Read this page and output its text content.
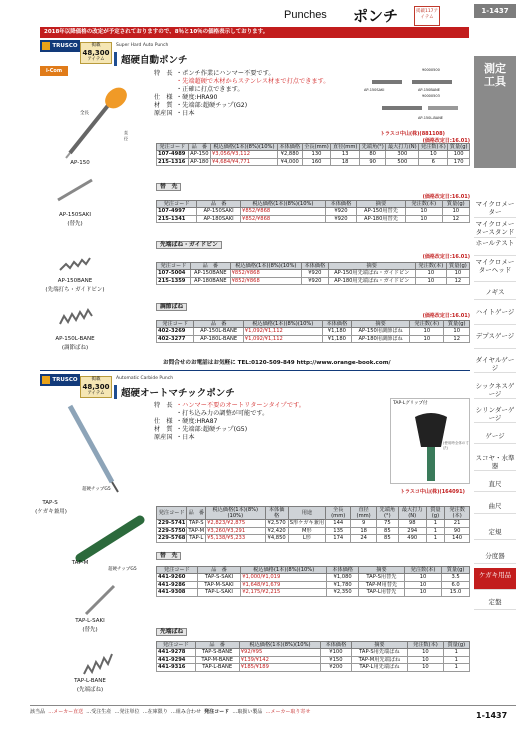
Punches ポンチ	掲載117アイテム
1-1437
2018年以降価格の改定が予定されておりますので、8％と10％の価格表示しております。
測定工具
マイクロメーター
マイクロメータースタンド
ホールテスト
マイクロメーターヘッド
ノギス
ハイトゲージ
デプスゲージ
ダイヤルゲージ
シックネスゲージ
シリンダーゲージ
ゲージ
スコヤ・水準器
直尺
曲尺
定規
分度器
ケガキ用品
定盤
TRUSCO	掲載
48,300
アイテム
Super Hard Auto Punch
超硬自動ポンチ
i-Com
全長
直径
AP-150
AP-150SAKI
(替先)
AP-150BANE
(先端打ち・ガイドピン)
AP-150L-BANE
(調節ばね)
特　長 ・ポンチ作業にハンマー不要です。
・先端超硬で木材からステンレス材まで打点できます。
・正確に打点できます。
仕　様 ・硬度:HRA90
材　質 ・先端部:超硬チップ(G2)
原産国 ・日本
90000500
90000503
AP-150SAKI	AP-150BANE
AP-150L-BANE
トラスコ中山(株)(881108)
(価格改定日:16.01)
発注コード	品　番	税込価格(1本)(8%)(10%)	本体価格	全長(mm)	直径(mm)	先端角(°)	最大打力(N)	発注数(本)	質量(g)
107-4989	AP-150	¥3,056/¥3,112	¥2,880	130	13	80	300	10	100
215-1316	AP-180	¥4,684/¥4,771	¥4,000	160	18	90	500	6	170
替　先
(価格改定日:16.01)
発注コード	品　番	税込価格(1本)(8%)(10%)	本体価格	摘要	発注数(本)	質量(g)
107-4997	AP-150SAKI	¥852/¥868	¥920	AP-150用替先	10	10
215-1341	AP-180SAKI	¥852/¥868	¥920	AP-180用替先	10	12
先端ばね・ガイドピン
(価格改定日:16.01)
発注コード	品　番	税込価格(1本)(8%)(10%)	本体価格	摘要	発注数(本)	質量(g)
107-5004	AP-150BANE	¥852/¥868	¥920	AP-150用先端ばね・ガイドピン	10	10
215-1359	AP-180BANE	¥852/¥868	¥920	AP-180用先端ばね・ガイドピン	10	12
調節ばね
(価格改定日:16.01)
発注コード	品　番	税込価格(1本)(8%)(10%)	本体価格	摘要	発注数(本)	質量(g)
402-3269	AP-150L-BANE	¥1,092/¥1,112	¥1,180	AP-150用調節ばね	10	10
402-3277	AP-180L-BANE	¥1,092/¥1,112	¥1,180	AP-180用調節ばね	10	12
お問合せのお電話はお気軽に TEL:0120-509-849 http://www.orange-book.com/
TRUSCO	掲載
48,300
アイテム
Automatic Carbide Punch
超硬オートマチックポンチ
特　長 ・ハンマー不要のオートリターンタイプです。
・打ち込み力の調整が可能です。
仕　様 ・硬度:HRA87
材　質 ・先端部:超硬チップ(G5)
原産国 ・日本
TAP-Lグリップ付
(使用時全体の寸法)
トラスコ中山(株)(164091)
TAP-S
(ケガキ兼用)
超硬チップG5
TAP-M
超硬チップG5
TAP-L-SAKI
(替先)
TAP-L-BANE
(先端ばね)
発注コード	品　番	税込価格(1本)(8%)(10%)	本体価格	用途	全長(mm)	直径(mm)	先端角(°)	最大打力(N)	質量(g)	発注数(本)
229-5741	TAP-S	¥2,823/¥2,875	¥2,570	S形ケガキ兼用	144	9	75	98	1	21
229-5750	TAP-M	¥3,260/¥3,291	¥2,420	M形	135	18	85	294	1	90
229-5768	TAP-L	¥5,138/¥5,233	¥4,850	L形	174	24	85	490	1	140
替　先
発注コード	品　番	税込価格(1本)(8%)(10%)	本体価格	摘要	発注数(本)	質量(g)
441-9260	TAP-S-SAKI	¥1,000/¥1,019	¥1,080	TAP-S用替先	10	3.5
441-9286	TAP-M-SAKI	¥1,648/¥1,679	¥1,780	TAP-M用替先	10	6.0
441-9308	TAP-L-SAKI	¥2,175/¥2,215	¥2,350	TAP-L用替先	10	15.0
先端ばね
発注コード	品　番	税込価格(1本)(8%)(10%)	本体価格	摘要	発注数(本)	質量(g)
441-9278	TAP-S-BANE	¥92/¥95	¥100	TAP-S用先端ばね	10	1
441-9294	TAP-M-BANE	¥139/¥142	¥150	TAP-M用先端ばね	10	1
441-9316	TAP-L-BANE	¥185/¥189	¥200	TAP-L用先端ばね	10	1
該当品 …メーカー直送 …受注生産 …発注単位 …在庫限り …組み合わせ 発注コード …取扱い製品 …メーカー取り寄せ	1-1437
